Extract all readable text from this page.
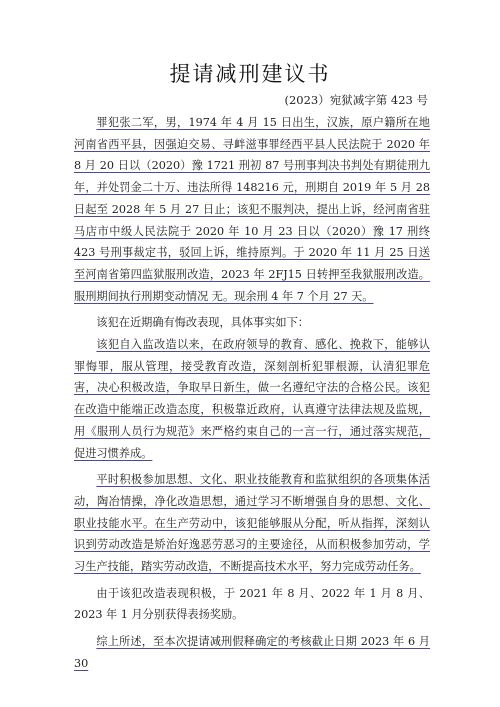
提请减刑建议书
(2023）宛狱减字第 423 号

罪犯张二军，男，1974 年 4 月 15 日出生，汉族，原户籍所在地河南省西平县，因强迫交易、寻衅滋事罪经西平县人民法院于 2020 年 8 月 20 日以（2020）豫 1721 刑初 87 号刑事判决书判处有期徒刑九年，并处罚金二十万、违法所得 148216 元，刑期自 2019 年 5 月 28 日起至 2028 年 5 月 27 日止；该犯不服判决，提出上诉，经河南省驻马店市中级人民法院于 2020 年 10 月 23 日以（2020）豫 17 刑终 423 号刑事裁定书，驳回上诉，维持原判。于 2020 年 11 月 25 日送至河南省第四监狱服刑改造，2023 年 2FJ15 日转押至我狱服刑改造。服刑期间执行刑期变动情况 无。现余刑 4 年 7 个月 27 天。

该犯在近期确有悔改表现，具体事实如下：

该犯自入监改造以来，在政府领导的教育、感化、挽救下，能够认罪悔罪，服从管理，接受教育改造，深刻剖析犯罪根源，认清犯罪危害，决心积极改造，争取早日新生，做一名遵纪守法的合格公民。该犯在改造中能端正改造态度，积极靠近政府，认真遵守法律法规及监规，用《服刑人员行为规范》来严格约束自己的一言一行，通过落实规范，促进习惯养成。

平时积极参加思想、文化、职业技能教育和监狱组织的各项集体活动，陶冶情操，净化改造思想，通过学习不断增强自身的思想、文化、职业技能水平。在生产劳动中，该犯能够服从分配，听从指挥，深刻认识到劳动改造是矫治好逸恶劳恶习的主要途径，从而积极参加劳动，学习生产技能，踏实劳动改造，不断提高技术水平，努力完成劳动任务。

由于该犯改造表现积极，于 2021 年 8 月、2022 年 1 月 8 月、2023 年 1 月分别获得表扬奖励。

综上所述，至本次提请减刑假释确定的考核截止日期 2023 年 6 月 30
